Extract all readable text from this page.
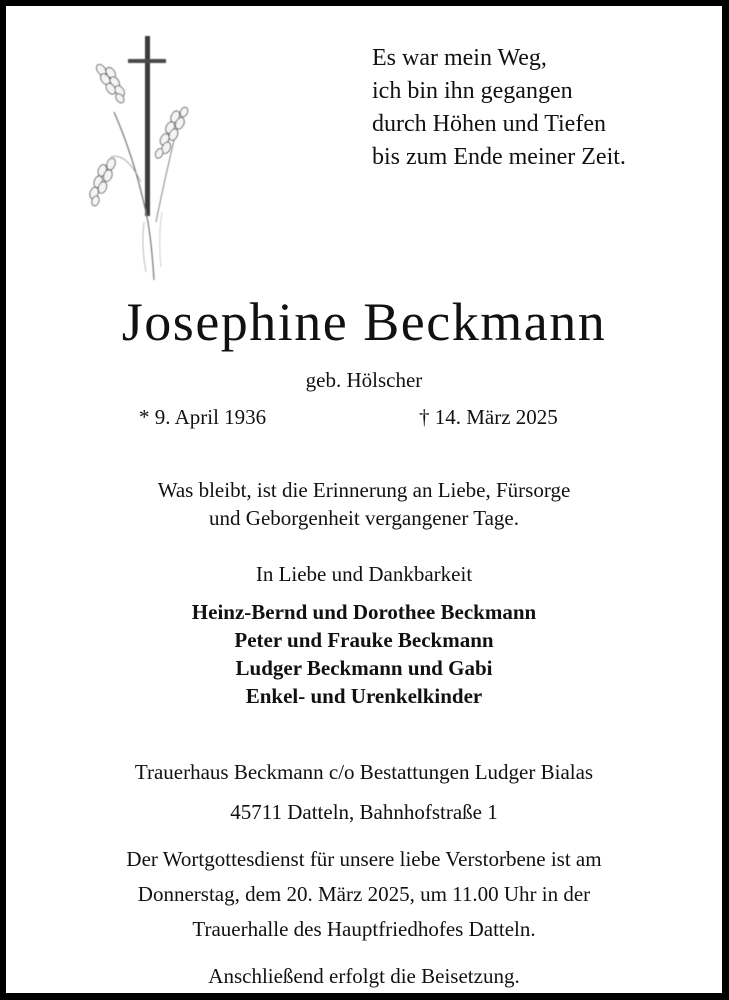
Es war mein Weg,
ich bin ihn gegangen
durch Höhen und Tiefen
bis zum Ende meiner Zeit.
Josephine Beckmann
geb. Hölscher
* 9. April 1936	† 14. März 2025
Was bleibt, ist die Erinnerung an Liebe, Fürsorge
und Geborgenheit vergangener Tage.
In Liebe und Dankbarkeit
Heinz-Bernd und Dorothee Beckmann
Peter und Frauke Beckmann
Ludger Beckmann und Gabi
Enkel- und Urenkelkinder
Trauerhaus Beckmann c/o Bestattungen Ludger Bialas
45711 Datteln, Bahnhofstraße 1
Der Wortgottesdienst für unsere liebe Verstorbene ist am
Donnerstag, dem 20. März 2025, um 11.00 Uhr in der
Trauerhalle des Hauptfriedhofes Datteln.
Anschließend erfolgt die Beisetzung.
